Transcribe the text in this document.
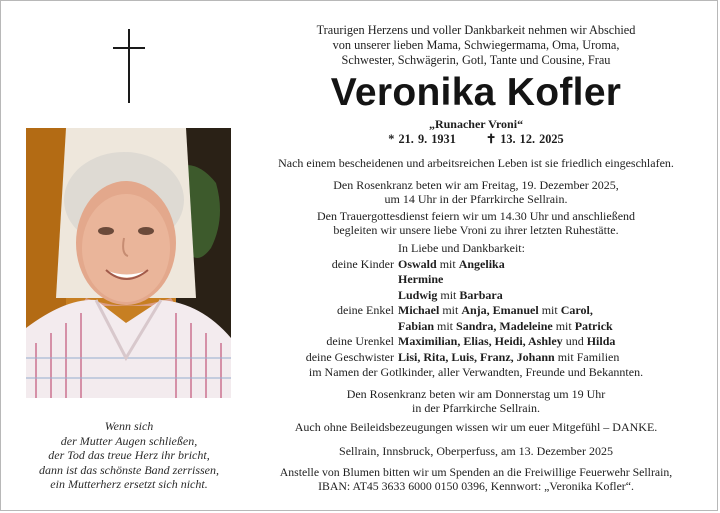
Wenn sich
der Mutter Augen schließen,
der Tod das treue Herz ihr bricht,
dann ist das schönste Band zerrissen,
ein Mutterherz ersetzt sich nicht.
Traurigen Herzens und voller Dankbarkeit nehmen wir Abschied
von unserer lieben Mama, Schwiegermama, Oma, Uroma,
Schwester, Schwägerin, Gotl, Tante und Cousine, Frau
Veronika Kofler
„Runacher Vroni“
* 21. 9. 1931 ✝ 13. 12. 2025
Nach einem bescheidenen und arbeitsreichen Leben ist sie friedlich eingeschlafen.
Den Rosenkranz beten wir am Freitag, 19. Dezember 2025,
um 14 Uhr in der Pfarrkirche Sellrain.
Den Trauergottesdienst feiern wir um 14.30 Uhr und anschließend
begleiten wir unsere liebe Vroni zu ihrer letzten Ruhestätte.
In Liebe und Dankbarkeit:
deine Kinder Oswald mit Angelika
Hermine
Ludwig mit Barbara
deine Enkel Michael mit Anja, Emanuel mit Carol,
Fabian mit Sandra, Madeleine mit Patrick
deine Urenkel Maximilian, Elias, Heidi, Ashley und Hilda
deine Geschwister Lisi, Rita, Luis, Franz, Johann mit Familien
im Namen der Gotlkinder, aller Verwandten, Freunde und Bekannten.
Den Rosenkranz beten wir am Donnerstag um 19 Uhr
in der Pfarrkirche Sellrain.
Auch ohne Beileidsbezeugungen wissen wir um euer Mitgefühl – DANKE.
Sellrain, Innsbruck, Oberperfuss, am 13. Dezember 2025
Anstelle von Blumen bitten wir um Spenden an die Freiwillige Feuerwehr Sellrain,
IBAN: AT45 3633 6000 0150 0396, Kennwort: „Veronika Kofler“.
